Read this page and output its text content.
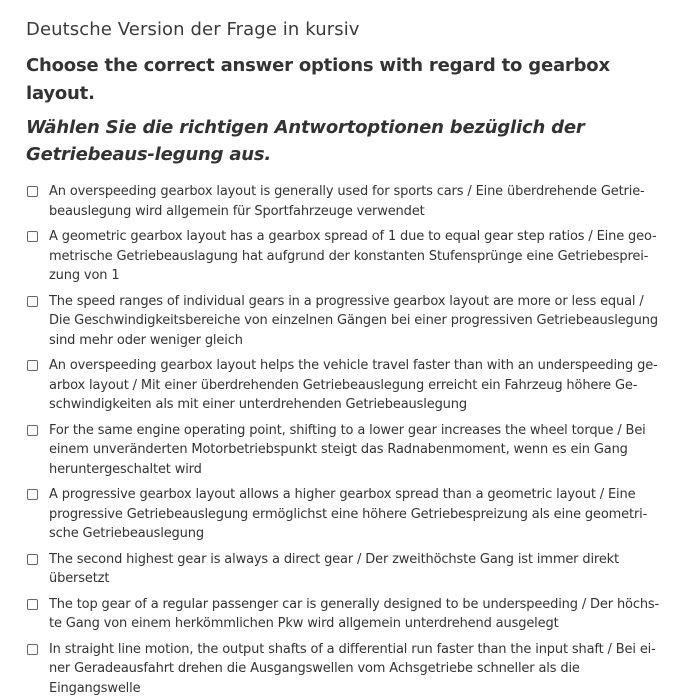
Deutsche Version der Frage in kursiv
Choose the correct answer options with regard to gearbox layout.
Wählen Sie die richtigen Antwortoptionen bezüglich der Getriebeaus-legung aus.
An overspeeding gearbox layout is generally used for sports cars / Eine überdrehende Getrie-beauslegung wird allgemein für Sportfahrzeuge verwendet
A geometric gearbox layout has a gearbox spread of 1 due to equal gear step ratios / Eine geo-metrische Getriebeauslagung hat aufgrund der konstanten Stufensprünge eine Getriebesprei-zung von 1
The speed ranges of individual gears in a progressive gearbox layout are more or less equal / Die Geschwindigkeitsbereiche von einzelnen Gängen bei einer progressiven Getriebeauslegung sind mehr oder weniger gleich
An overspeeding gearbox layout helps the vehicle travel faster than with an underspeeding ge-arbox layout / Mit einer überdrehenden Getriebeauslegung erreicht ein Fahrzeug höhere Ge-schwindigkeiten als mit einer unterdrehenden Getriebeauslegung
For the same engine operating point, shifting to a lower gear increases the wheel torque / Bei einem unveränderten Motorbetriebspunkt steigt das Radnabenmoment, wenn es ein Gang heruntergeschaltet wird
A progressive gearbox layout allows a higher gearbox spread than a geometric layout / Eine progressive Getriebeauslegung ermöglichst eine höhere Getriebespreizung als eine geometri-sche Getriebeauslegung
The second highest gear is always a direct gear / Der zweithöchste Gang ist immer direkt übersetzt
The top gear of a regular passenger car is generally designed to be underspeeding / Der höchs-te Gang von einem herkömmlichen Pkw wird allgemein unterdrehend ausgelegt
In straight line motion, the output shafts of a differential run faster than the input shaft / Bei ei-ner Geradeausfahrt drehen die Ausgangswellen vom Achsgetriebe schneller als die Eingangswelle
